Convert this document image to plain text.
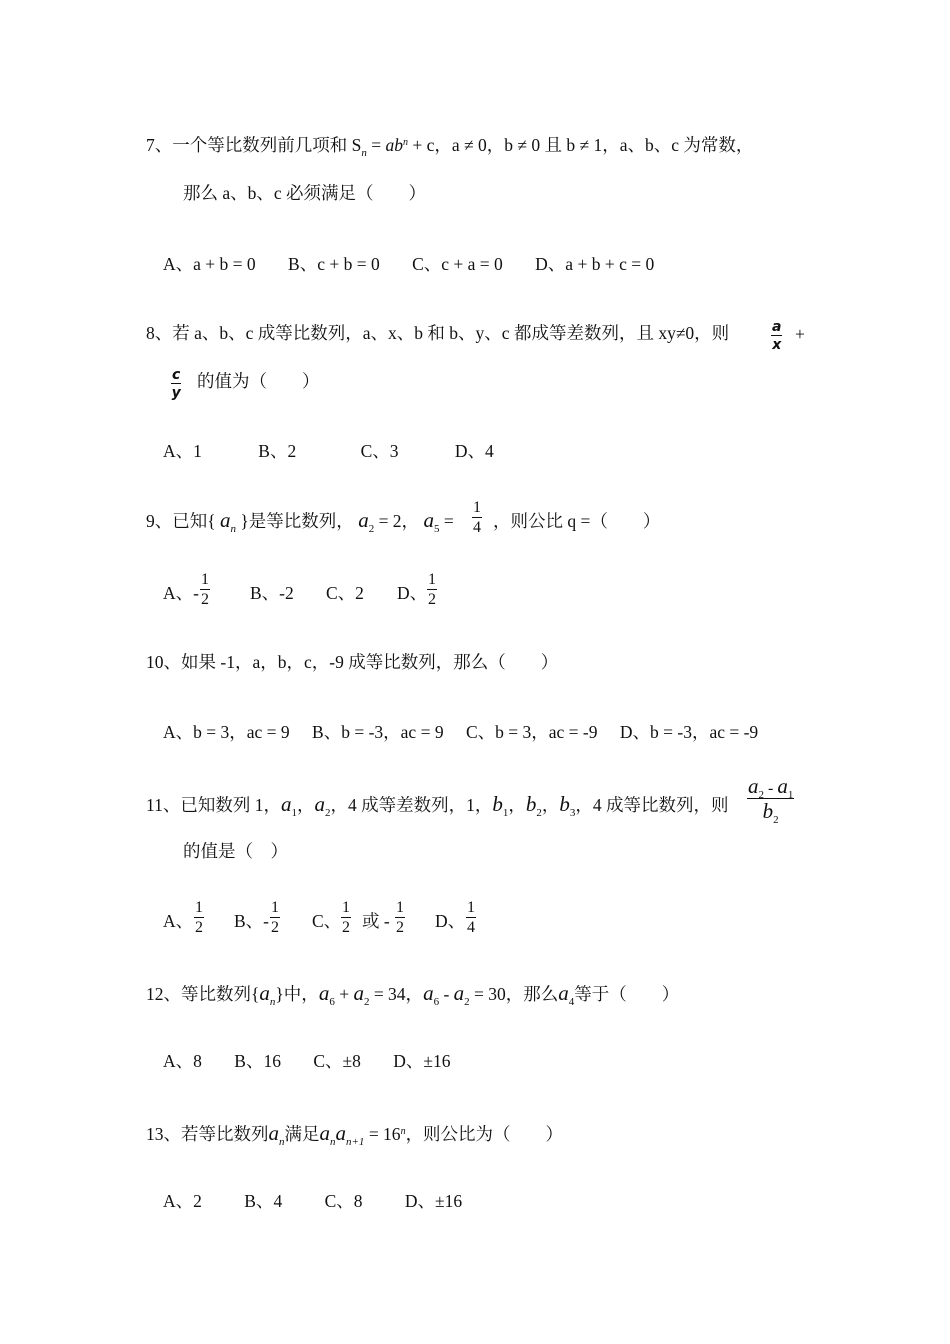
7、一个等比数列前几项和 $S_n = ab^n + c$，a ≠ 0，b ≠ 0 且 b ≠ 1，a、b、c 为常数，
那么 a、b、c 必须满足（　　）
A、a + b = 0 B、c + b = 0 C、c + a = 0 D、a + b + c = 0
8、若 a、b、c 成等比数列，a、x、b 和 b、y、c 都成等差数列，且 xy≠0，则	$\frac{a}{x}$ +
$\frac{c}{y}$ 的值为（　　）
A、1	B、2	C、3	D、4
9、已知{ $a_n$ }是等比数列， $a_2 = 2$， $a_5 = \frac{1}{4}$ ，则公比 q =（　　）
A、- $\frac{1}{2}$ B、-2 C、2 D、 $\frac{1}{2}$
10、如果 -1，a，b，c，-9 成等比数列，那么（　　）
A、b = 3，ac = 9 B、b = -3，ac = 9 C、b = 3，ac = -9 D、b = -3，ac = -9
11、已知数列 1，$a_1$，$a_2$，4 成等差数列，1，$b_1$，$b_2$，$b_3$，4 成等比数列，则 $\frac{a_2 - a_1}{b_2}$
的值是（　）
A、 $\frac{1}{2}$ B、- $\frac{1}{2}$ C、 $\frac{1}{2}$ 或 - $\frac{1}{2}$ D、 $\frac{1}{4}$
12、等比数列$\{a_n\}$中，$a_6 + a_2 = 34$，$a_6 - a_2 = 30$，那么$a_4$等于（　　）
A、8 B、16 C、±8 D、±16
13、若等比数列$a_n$满足$a_na_{n+1} = 16^n$，则公比为（　　）
A、2 B、4 C、8 D、±16
